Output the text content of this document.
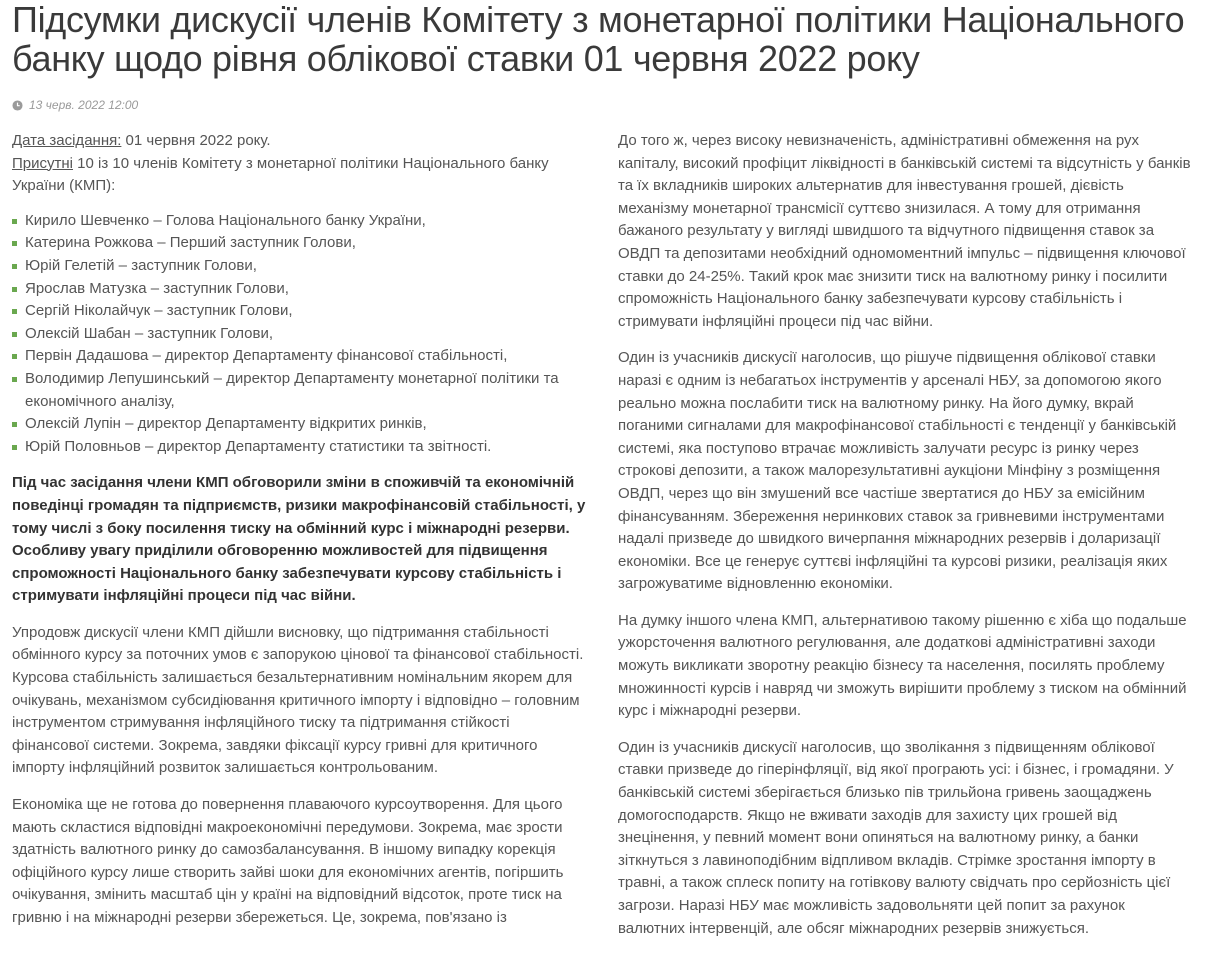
Підсумки дискусії членів Комітету з монетарної політики Національного банку щодо рівня облікової ставки 01 червня 2022 року
13 черв. 2022 12:00

Дата засідання: 01 червня 2022 року.

Присутні 10 із 10 членів Комітету з монетарної політики Національного банку України (КМП):

Кирило Шевченко – Голова Національного банку України,
Катерина Рожкова – Перший заступник Голови,
Юрій Гелетій – заступник Голови,
Ярослав Матузка – заступник Голови,
Сергій Ніколайчук – заступник Голови,
Олексій Шабан – заступник Голови,
Первін Дадашова – директор Департаменту фінансової стабільності,
Володимир Лепушинський – директор Департаменту монетарної політики та економічного аналізу,
Олексій Лупін – директор Департаменту відкритих ринків,
Юрій Половньов – директор Департаменту статистики та звітності.

Під час засідання члени КМП обговорили зміни в споживчій та економічній поведінці громадян та підприємств, ризики макрофінансовій стабільності, у тому числі з боку посилення тиску на обмінний курс і міжнародні резерви. Особливу увагу приділили обговоренню можливостей для підвищення спроможності Національного банку забезпечувати курсову стабільність і стримувати інфляційні процеси під час війни.

Упродовж дискусії члени КМП дійшли висновку, що підтримання стабільності обмінного курсу за поточних умов є запорукою цінової та фінансової стабільності. Курсова стабільність залишається безальтернативним номінальним якорем для очікувань, механізмом субсидіювання критичного імпорту і відповідно – головним інструментом стримування інфляційного тиску та підтримання стійкості фінансової системи. Зокрема, завдяки фіксації курсу гривні для критичного імпорту інфляційний розвиток залишається контрольованим.

Економіка ще не готова до повернення плаваючого курсоутворення. Для цього мають скластися відповідні макроекономічні передумови. Зокрема, має зрости здатність валютного ринку до самозбалансування. В іншому випадку корекція офіційного курсу лише створить зайві шоки для економічних агентів, погіршить очікування, змінить масштаб цін у країні на відповідний відсоток, проте тиск на гривню і на міжнародні резерви збережеться. Це, зокрема, пов'язано із

До того ж, через високу невизначеність, адміністративні обмеження на рух капіталу, високий профіцит ліквідності в банківській системі та відсутність у банків та їх вкладників широких альтернатив для інвестування грошей, дієвість механізму монетарної трансмісії суттєво знизилася. А тому для отримання бажаного результату у вигляді швидшого та відчутного підвищення ставок за ОВДП та депозитами необхідний одномоментний імпульс – підвищення ключової ставки до 24-25%. Такий крок має знизити тиск на валютному ринку і посилити спроможність Національного банку забезпечувати курсову стабільність і стримувати інфляційні процеси під час війни.

Один із учасників дискусії наголосив, що рішуче підвищення облікової ставки наразі є одним із небагатьох інструментів у арсеналі НБУ, за допомогою якого реально можна послабити тиск на валютному ринку. На його думку, вкрай поганими сигналами для макрофінансової стабільності є тенденції у банківській системі, яка поступово втрачає можливість залучати ресурс із ринку через строкові депозити, а також малорезультативні аукціони Мінфіну з розміщення ОВДП, через що він змушений все частіше звертатися до НБУ за емісійним фінансуванням. Збереження неринкових ставок за гривневими інструментами надалі призведе до швидкого вичерпання міжнародних резервів і доларизації економіки. Все це генерує суттєві інфляційні та курсові ризики, реалізація яких загрожуватиме відновленню економіки.

На думку іншого члена КМП, альтернативою такому рішенню є хіба що подальше ужорсточення валютного регулювання, але додаткові адміністративні заходи можуть викликати зворотну реакцію бізнесу та населення, посилять проблему множинності курсів і навряд чи зможуть вирішити проблему з тиском на обмінний курс і міжнародні резерви.

Один із учасників дискусії наголосив, що зволікання з підвищенням облікової ставки призведе до гіперінфляції, від якої програють усі: і бізнес, і громадяни. У банківській системі зберігається близько пів трильйона гривень заощаджень домогосподарств. Якщо не вживати заходів для захисту цих грошей від знецінення, у певний момент вони опиняться на валютному ринку, а банки зіткнуться з лавиноподібним відпливом вкладів. Стрімке зростання імпорту в травні, а також сплеск попиту на готівкову валюту свідчать про серйозність цієї загрози. Наразі НБУ має можливість задовольняти цей попит за рахунок валютних інтервенцій, але обсяг міжнародних резервів знижується.
